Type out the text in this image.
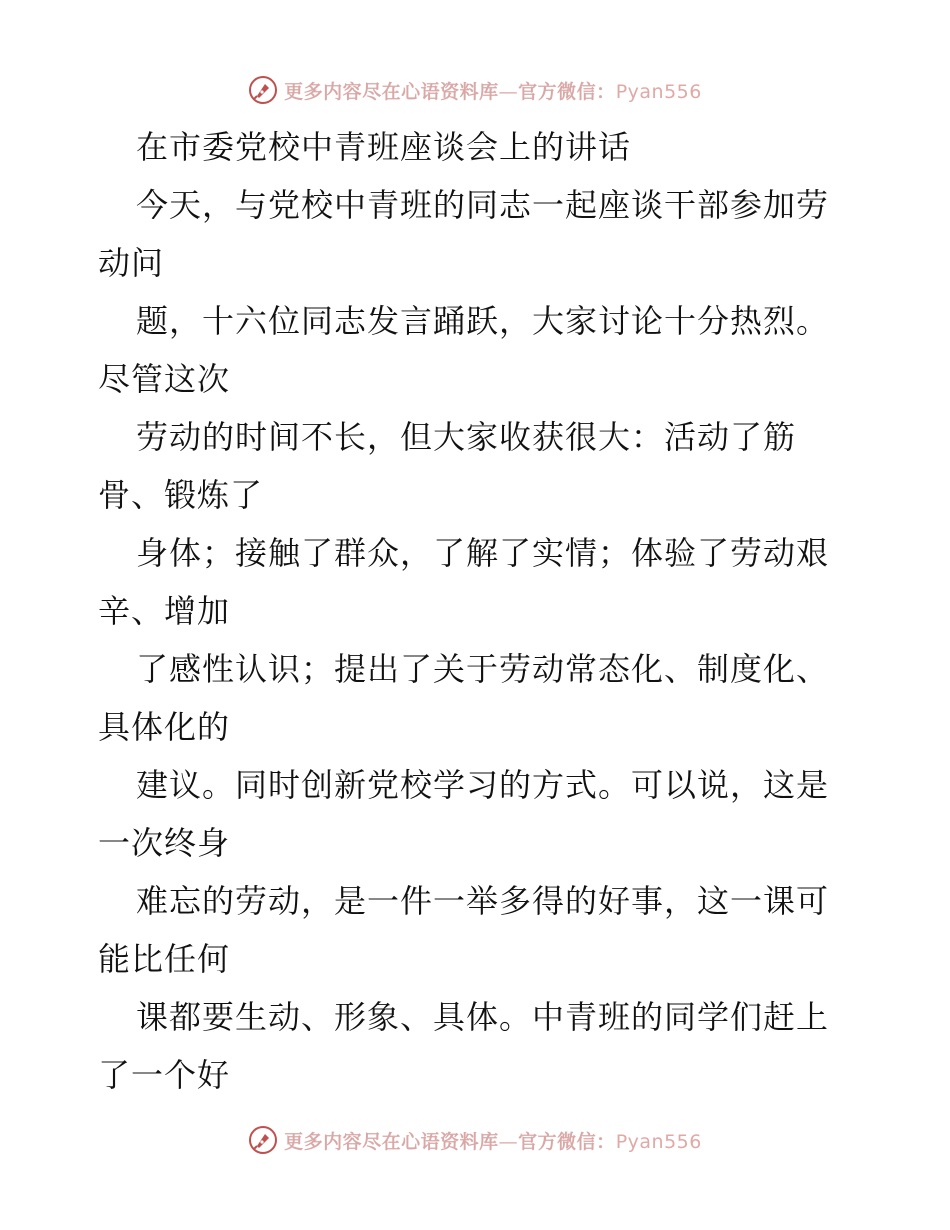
更多内容尽在心语资料库—官方微信：Pyan556
在市委党校中青班座谈会上的讲话
今天，与党校中青班的同志一起座谈干部参加劳
动问
题，十六位同志发言踊跃，大家讨论十分热烈。
尽管这次
劳动的时间不长，但大家收获很大：活动了筋
骨、锻炼了
身体；接触了群众，了解了实情；体验了劳动艰
辛、增加
了感性认识；提出了关于劳动常态化、制度化、
具体化的
建议。同时创新党校学习的方式。可以说，这是
一次终身
难忘的劳动，是一件一举多得的好事，这一课可
能比任何
课都要生动、形象、具体。中青班的同学们赶上
了一个好
更多内容尽在心语资料库—官方微信：Pyan556
